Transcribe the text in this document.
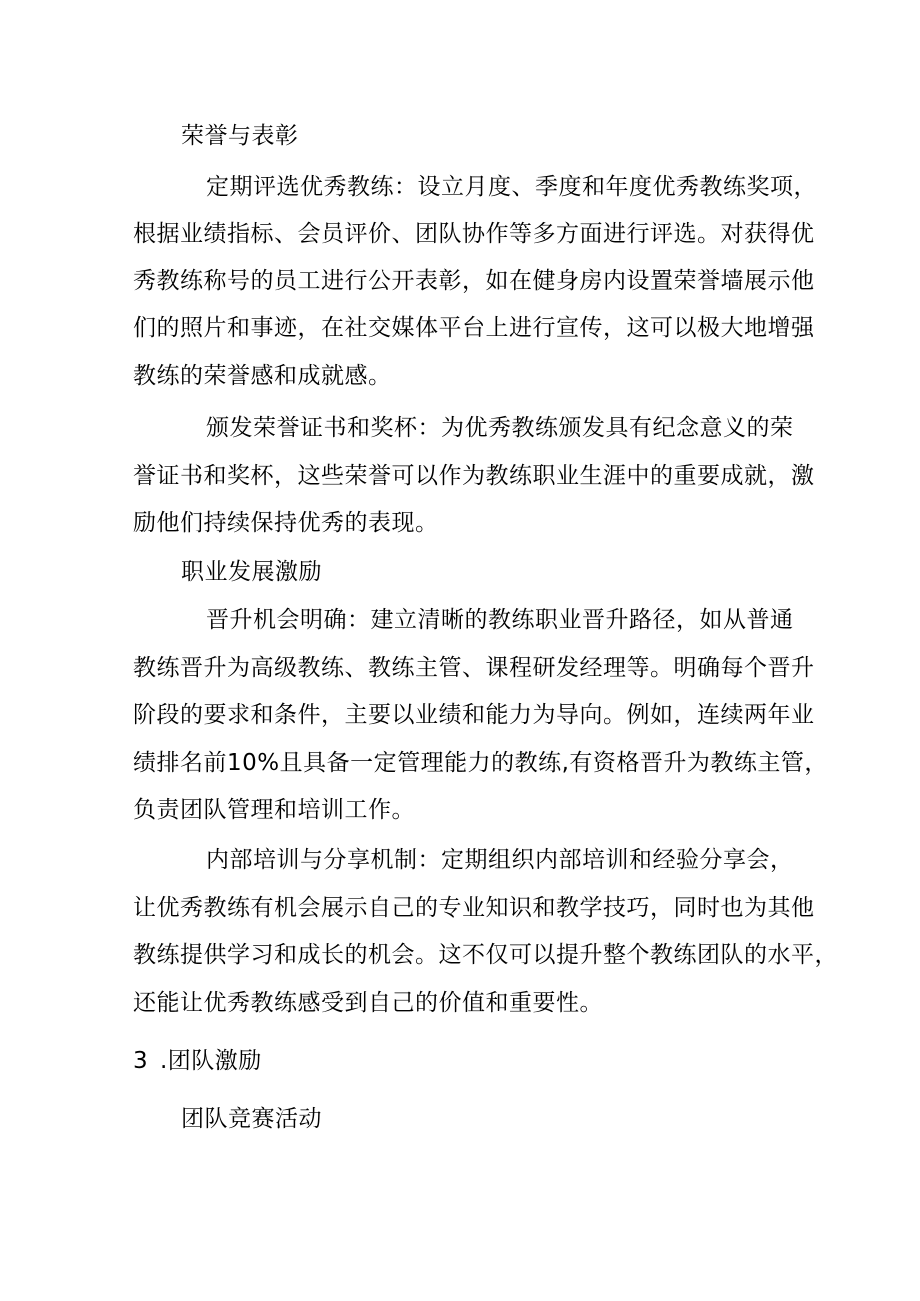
荣誉与表彰
定期评选优秀教练：设立月度、季度和年度优秀教练奖项，
根据业绩指标、会员评价、团队协作等多方面进行评选。对获得优
秀教练称号的员工进行公开表彰，如在健身房内设置荣誉墙展示他
们的照片和事迹，在社交媒体平台上进行宣传，这可以极大地增强
教练的荣誉感和成就感。
颁发荣誉证书和奖杯：为优秀教练颁发具有纪念意义的荣
誉证书和奖杯，这些荣誉可以作为教练职业生涯中的重要成就，激
励他们持续保持优秀的表现。
职业发展激励
晋升机会明确：建立清晰的教练职业晋升路径，如从普通
教练晋升为高级教练、教练主管、课程研发经理等。明确每个晋升
阶段的要求和条件，主要以业绩和能力为导向。例如，连续两年业
绩排名前10%且具备一定管理能力的教练,有资格晋升为教练主管，
负责团队管理和培训工作。
内部培训与分享机制：定期组织内部培训和经验分享会，
让优秀教练有机会展示自己的专业知识和教学技巧，同时也为其他
教练提供学习和成长的机会。这不仅可以提升整个教练团队的水平，
还能让优秀教练感受到自己的价值和重要性。
3 .团队激励
团队竞赛活动
